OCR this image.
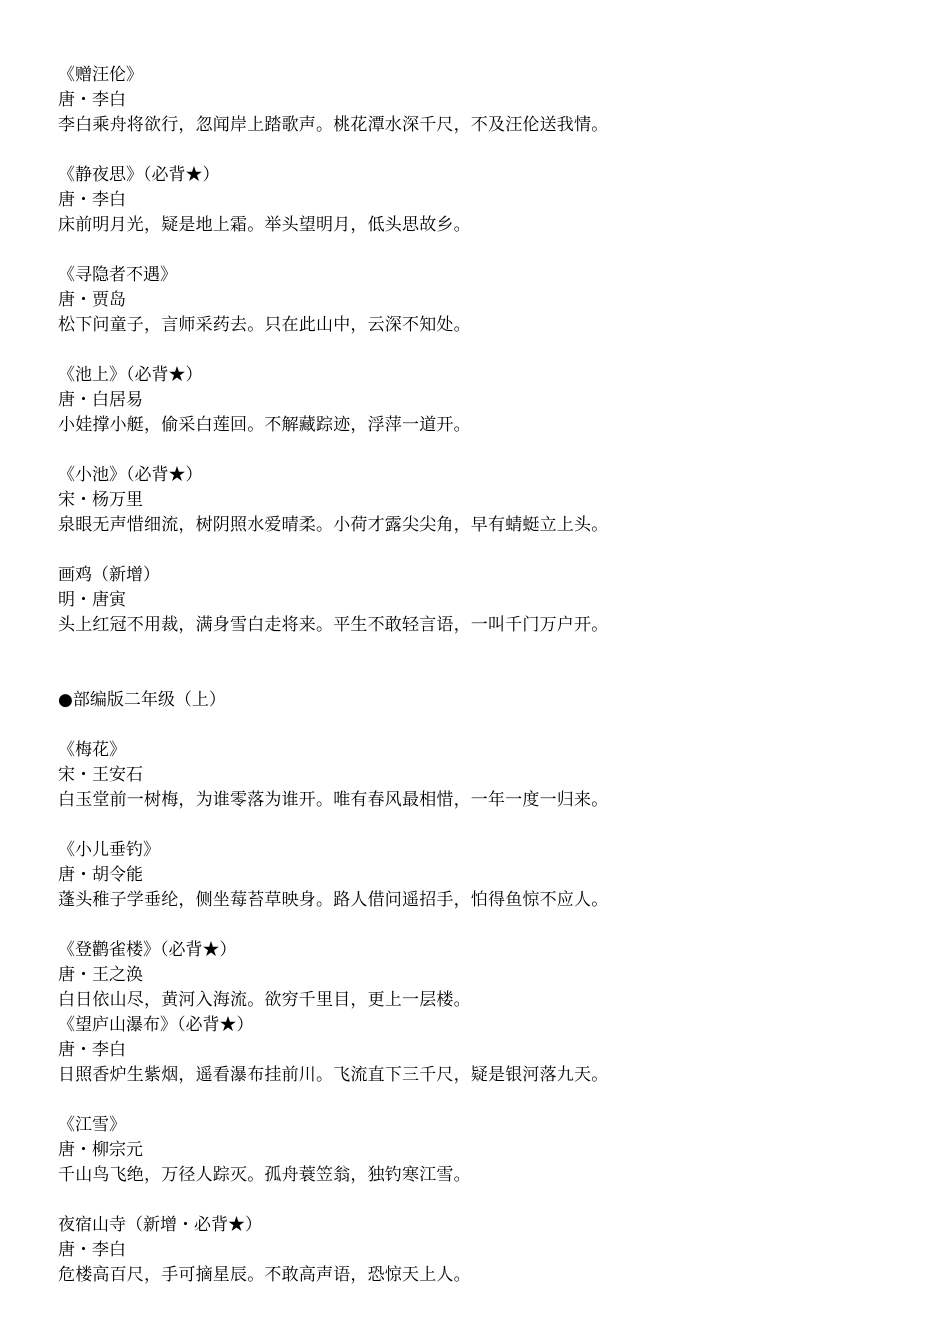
《赠汪伦》
唐・李白
李白乘舟将欲行，忽闻岸上踏歌声。桃花潭水深千尺，不及汪伦送我情。
《静夜思》（必背★）
唐・李白
床前明月光，疑是地上霜。举头望明月，低头思故乡。
《寻隐者不遇》
唐・贾岛
松下问童子，言师采药去。只在此山中，云深不知处。
《池上》（必背★）
唐・白居易
小娃撑小艇，偷采白莲回。不解藏踪迹，浮萍一道开。
《小池》（必背★）
宋・杨万里
泉眼无声惜细流，树阴照水爱晴柔。小荷才露尖尖角，早有蜻蜓立上头。
画鸡（新增）
明・唐寅
头上红冠不用裁，满身雪白走将来。平生不敢轻言语，一叫千门万户开。
●部编版二年级（上）
《梅花》
宋・王安石
白玉堂前一树梅，为谁零落为谁开。唯有春风最相惜，一年一度一归来。
《小儿垂钓》
唐・胡令能
蓬头稚子学垂纶，侧坐莓苔草映身。路人借问遥招手，怕得鱼惊不应人。
《登鹳雀楼》（必背★）
唐・王之涣
白日依山尽，黄河入海流。欲穷千里目，更上一层楼。
《望庐山瀑布》（必背★）
唐・李白
日照香炉生紫烟，遥看瀑布挂前川。飞流直下三千尺，疑是银河落九天。
《江雪》
唐・柳宗元
千山鸟飞绝，万径人踪灭。孤舟蓑笠翁，独钓寒江雪。
夜宿山寺（新增・必背★）
唐・李白
危楼高百尺，手可摘星辰。不敢高声语，恐惊天上人。
